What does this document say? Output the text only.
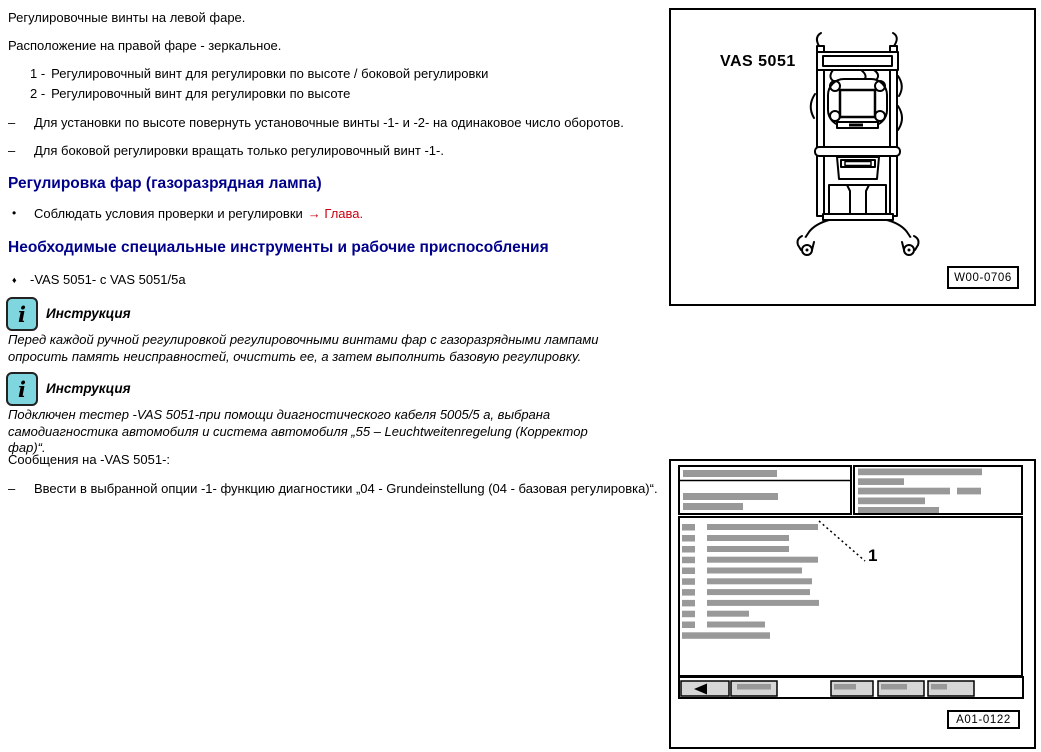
Регулировочные винты на левой фаре.
Расположение на правой фаре - зеркальное.
1 - Регулировочный винт для регулировки по высоте / боковой регулировки
2 - Регулировочный винт для регулировки по высоте
–	Для установки по высоте повернуть установочные винты -1- и -2- на одинаковое число оборотов.
–	Для боковой регулировки вращать только регулировочный винт -1-.
Регулировка фар (газоразрядная лампа)
•	Соблюдать условия проверки и регулировки → Глава.
Необходимые специальные инструменты и рабочие приспособления
♦	-VAS 5051- с VAS 5051/5a
i Инструкция
Перед каждой ручной регулировкой регулировочными винтами фар с газоразрядными лампами опросить память неисправностей, очистить ее, а затем выполнить базовую регулировку.
i Инструкция
Подключен тестер -VAS 5051-при помощи диагностического кабеля 5005/5 а, выбрана самодиагностика автомобиля и система автомобиля „55 – Leuchtweitenregelung (Корректор фар)“.
Сообщения на -VAS 5051-:
–	Ввести в выбранной опции -1- функцию диагностики „04 - Grundeinstellung (04 - базовая регулировка)“.
VAS 5051
W00-0706
1
A01-0122
